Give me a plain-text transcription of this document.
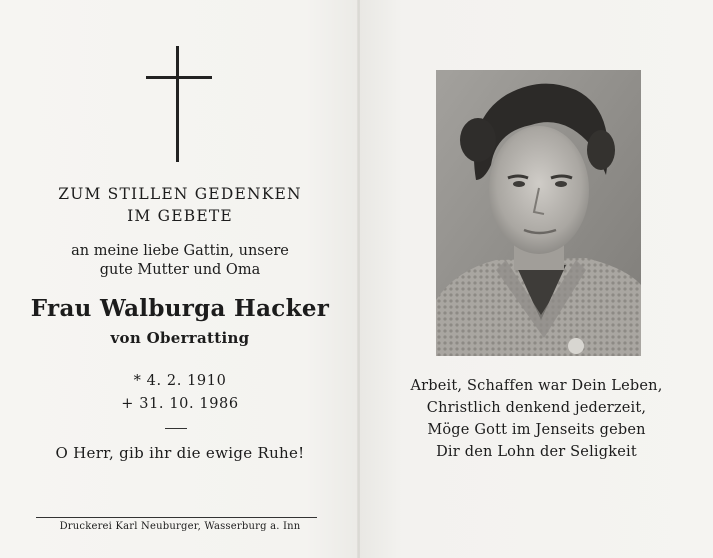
ZUM STILLEN GEDENKEN
IM GEBETE
an meine liebe Gattin, unsere
gute Mutter und Oma
Frau Walburga Hacker
von Oberratting
* 4. 2. 1910
+ 31. 10. 1986
O Herr, gib ihr die ewige Ruhe!
Druckerei Karl Neuburger, Wasserburg a. Inn
Arbeit, Schaffen war Dein Leben,
Christlich denkend jederzeit,
Möge Gott im Jenseits geben
Dir den Lohn der Seligkeit
